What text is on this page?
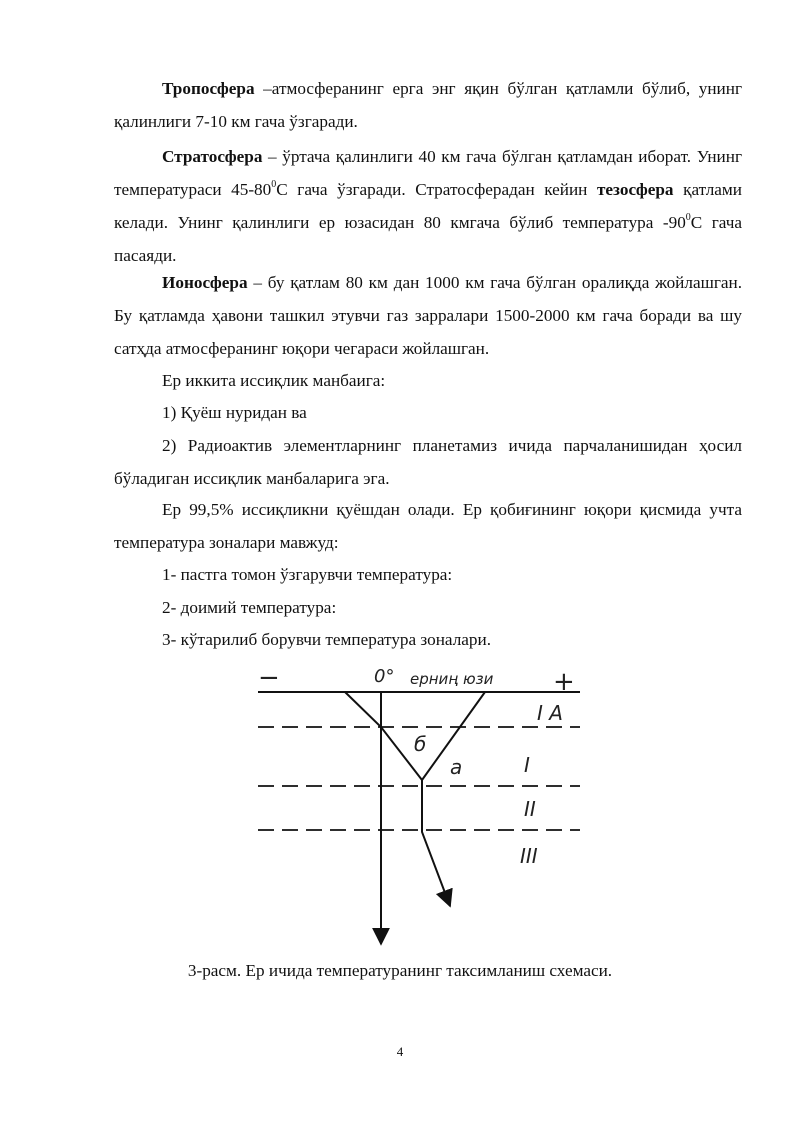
Тропосфера –атмосферанинг ерга энг яқин бўлган қатламли бўлиб, унинг қалинлиги 7-10 км гача ўзгаради.

Стратосфера – ўртача қалинлиги 40 км гача бўлган қатламдан иборат. Унинг температураси $45-80^0С$ гача ўзгаради. Стратосферадан кейин тезосфера қатлами келади. Унинг қалинлиги ер юзасидан 80 кмгача бўлиб температура $-90^0С$ гача пасаяди.

Ионосфера – бу қатлам 80 км дан 1000 км гача бўлган оралиқда жойлашган. Бу қатламда ҳавони ташкил этувчи газ зарралари 1500-2000 км гача боради ва шу сатҳда атмосферанинг юқори чегараси жойлашган.

Ер иккита иссиқлик манбаига:

1) Қуёш нуридан ва

2) Радиоактив элементларнинг планетамиз ичида парчаланишидан ҳосил бўладиган иссиқлик манбаларига эга.

Ер 99,5% иссиқликни қуёшдан олади. Ер қобиғининг юқори қисмида учта температура зоналари мавжуд:

1- пастга томон ўзгарувчи температура:

2- доимий температура:

3- кўтарилиб борувчи температура зоналари.

−	+
0° ерниң юзи
I А
I
II
III
б
а

3-расм. Ер ичида температуранинг таксимланиш схемаси.

4
